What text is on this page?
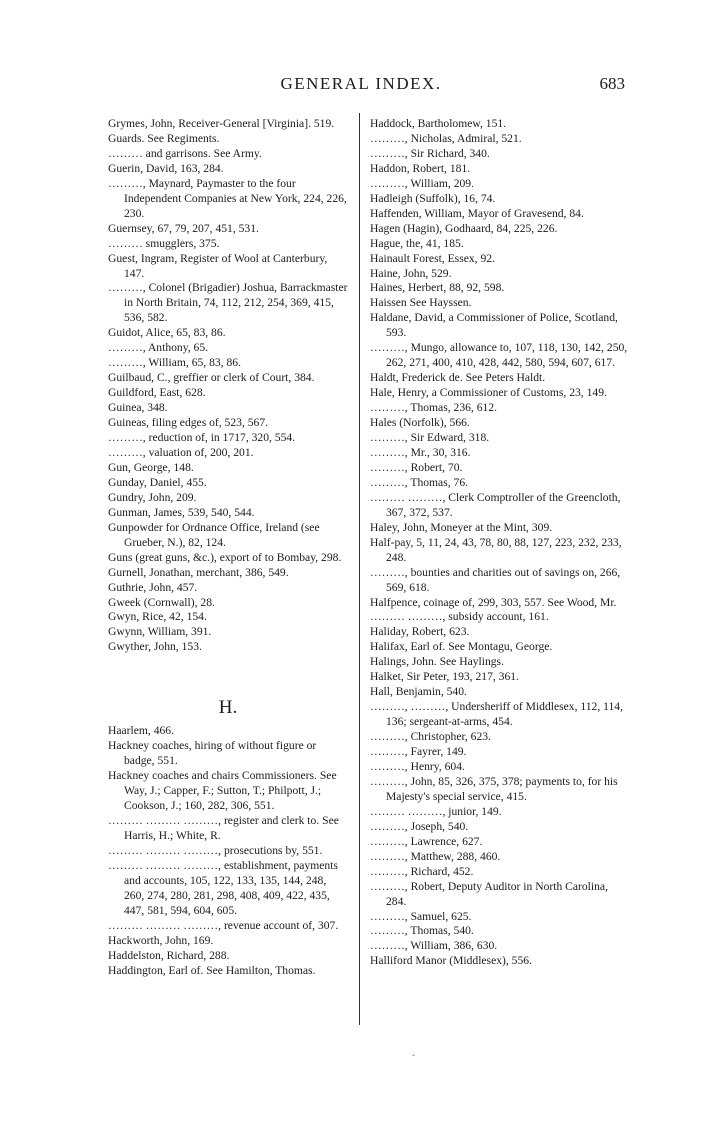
GENERAL INDEX.	683

Grymes, John, Receiver-General [Virginia]. 519.

Guards. See Regiments.

……… and garrisons. See Army.

Guerin, David, 163, 284.

………, Maynard, Paymaster to the four Independent Companies at New York, 224, 226, 230.

Guernsey, 67, 79, 207, 451, 531.

……… smugglers, 375.

Guest, Ingram, Register of Wool at Canterbury, 147.

………, Colonel (Brigadier) Joshua, Barrackmaster in North Britain, 74, 112, 212, 254, 369, 415, 536, 582.

Guidot, Alice, 65, 83, 86.

………, Anthony, 65.

………, William, 65, 83, 86.

Guilbaud, C., greffier or clerk of Court, 384.

Guildford, East, 628.

Guinea, 348.

Guineas, filing edges of, 523, 567.

………, reduction of, in 1717, 320, 554.

………, valuation of, 200, 201.

Gun, George, 148.

Gunday, Daniel, 455.

Gundry, John, 209.

Gunman, James, 539, 540, 544.

Gunpowder for Ordnance Office, Ireland (see Grueber, N.), 82, 124.

Guns (great guns, &c.), export of to Bombay, 298.

Gurnell, Jonathan, merchant, 386, 549.

Guthrie, John, 457.

Gweek (Cornwall), 28.

Gwyn, Rice, 42, 154.

Gwynn, William, 391.

Gwyther, John, 153.

H.

Haarlem, 466.

Hackney coaches, hiring of without figure or badge, 551.

Hackney coaches and chairs Commissioners. See Way, J.; Capper, F.; Sutton, T.; Philpott, J.; Cookson, J.; 160, 282, 306, 551.

……… ……… ………, register and clerk to. See Harris, H.; White, R.

……… ……… ………, prosecutions by, 551.

……… ……… ………, establishment, payments and accounts, 105, 122, 133, 135, 144, 248, 260, 274, 280, 281, 298, 408, 409, 422, 435, 447, 581, 594, 604, 605.

……… ……… ………, revenue account of, 307.

Hackworth, John, 169.

Haddelston, Richard, 288.

Haddington, Earl of. See Hamilton, Thomas.

Haddock, Bartholomew, 151.

………, Nicholas, Admiral, 521.

………, Sir Richard, 340.

Haddon, Robert, 181.

………, William, 209.

Hadleigh (Suffolk), 16, 74.

Haffenden, William, Mayor of Gravesend, 84.

Hagen (Hagin), Godhaard, 84, 225, 226.

Hague, the, 41, 185.

Hainault Forest, Essex, 92.

Haine, John, 529.

Haines, Herbert, 88, 92, 598.

Haissen See Hayssen.

Haldane, David, a Commissioner of Police, Scotland, 593.

………, Mungo, allowance to, 107, 118, 130, 142, 250, 262, 271, 400, 410, 428, 442, 580, 594, 607, 617.

Haldt, Frederick de. See Peters Haldt.

Hale, Henry, a Commissioner of Customs, 23, 149.

………, Thomas, 236, 612.

Hales (Norfolk), 566.

………, Sir Edward, 318.

………, Mr., 30, 316.

………, Robert, 70.

………, Thomas, 76.

……… ………, Clerk Comptroller of the Greencloth, 367, 372, 537.

Haley, John, Moneyer at the Mint, 309.

Half-pay, 5, 11, 24, 43, 78, 80, 88, 127, 223, 232, 233, 248.

………, bounties and charities out of savings on, 266, 569, 618.

Halfpence, coinage of, 299, 303, 557. See Wood, Mr.

……… ………, subsidy account, 161.

Haliday, Robert, 623.

Halifax, Earl of. See Montagu, George.

Halings, John. See Haylings.

Halket, Sir Peter, 193, 217, 361.

Hall, Benjamin, 540.

………, ………, Undersheriff of Middlesex, 112, 114, 136; sergeant-at-arms, 454.

………, Christopher, 623.

………, Fayrer, 149.

………, Henry, 604.

………, John, 85, 326, 375, 378; payments to, for his Majesty's special service, 415.

……… ………, junior, 149.

………, Joseph, 540.

………, Lawrence, 627.

………, Matthew, 288, 460.

………, Richard, 452.

………, Robert, Deputy Auditor in North Carolina, 284.

………, Samuel, 625.

………, Thomas, 540.

………, William, 386, 630.

Halliford Manor (Middlesex), 556.

ˇ
